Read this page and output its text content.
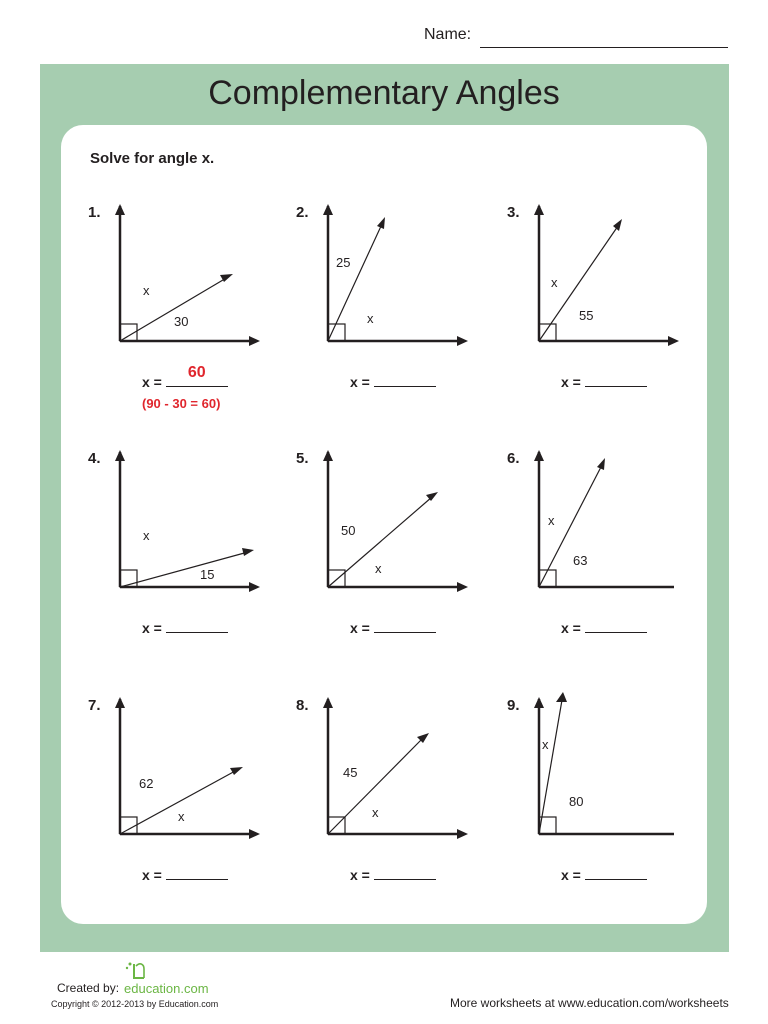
Name:
Complementary Angles
Solve for angle x.
1.
x
30
x =
60
(90 - 30 = 60)
2.
25
x
x =
3.
x
55
x =
4.
x
15
x =
5.
50
x
x =
6.
x
63
x =
7.
62
x
x =
8.
45
x
x =
9.
x
80
x =
Created by: education.com
Copyright © 2012-2013 by Education.com	More worksheets at www.education.com/worksheets
